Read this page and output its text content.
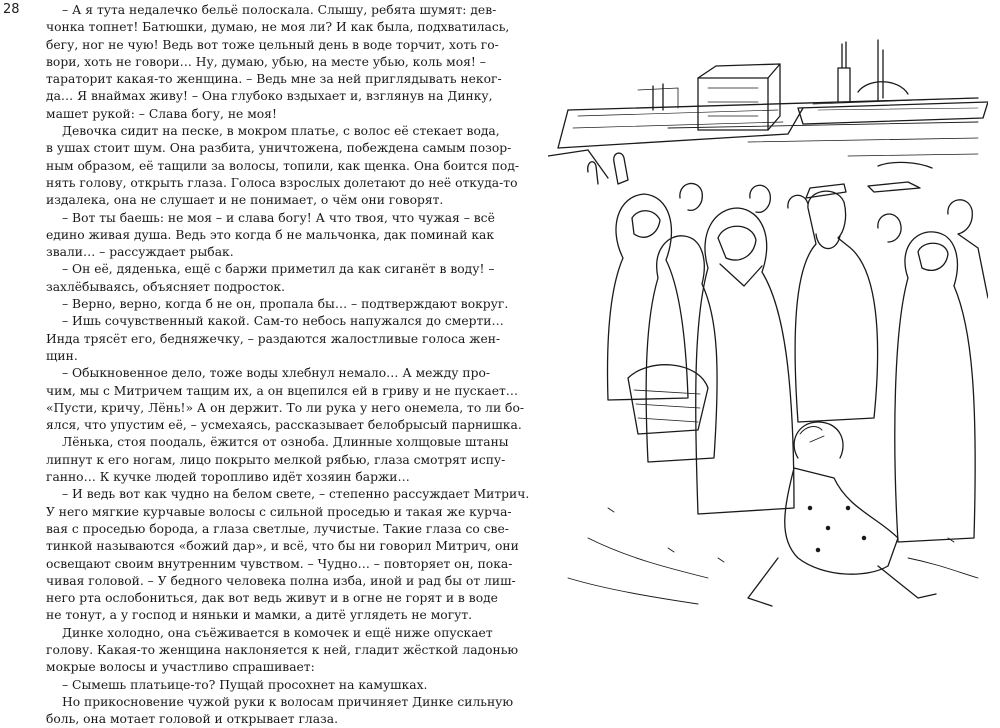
28	– А я тута недалечко бельё полоскала. Слышу, ребята шумят: дев-
чонка топнет! Батюшки, думаю, не моя ли? И как была, подхватилась,
бегу, ног не чую! Ведь вот тоже цельный день в воде торчит, хоть го-
вори, хоть не говори… Ну, думаю, убью, на месте убью, коль моя! –
тараторит какая-то женщина. – Ведь мне за ней приглядывать неког-
да… Я внаймах живу! – Она глубоко вздыхает и, взглянув на Динку,
машет рукой: – Слава богу, не моя!
Девочка сидит на песке, в мокром платье, с волос её стекает вода,
в ушах стоит шум. Она разбита, уничтожена, побеждена самым позор-
ным образом, её тащили за волосы, топили, как щенка. Она боится под-
нять голову, открыть глаза. Голоса взрослых долетают до неё откуда-то
издалека, она не слушает и не понимает, о чём они говорят.
– Вот ты баешь: не моя – и слава богу! А что твоя, что чужая – всё
едино живая душа. Ведь это когда б не мальчонка, дак поминай как
звали… – рассуждает рыбак.
– Он её, дяденька, ещё с баржи приметил да как сиганёт в воду! –
захлёбываясь, объясняет подросток.
– Верно, верно, когда б не он, пропала бы… – подтверждают вокруг.
– Ишь сочувственный какой. Сам-то небось напужался до смерти…
Инда трясёт его, бедняжечку, – раздаются жалостливые голоса жен-
щин.
– Обыкновенное дело, тоже воды хлебнул немало… А между про-
чим, мы с Митричем тащим их, а он вцепился ей в гриву и не пускает…
«Пусти, кричу, Лёнь!» А он держит. То ли рука у него онемела, то ли бо-
ялся, что упустим её, – усмехаясь, рассказывает белобрысый парнишка.
Лёнька, стоя поодаль, ёжится от озноба. Длинные холщовые штаны
липнут к его ногам, лицо покрыто мелкой рябью, глаза смотрят испу-
ганно… К кучке людей торопливо идёт хозяин баржи…
– И ведь вот как чудно на белом свете, – степенно рассуждает Митрич.
У него мягкие курчавые волосы с сильной проседью и такая же курча-
вая с проседью борода, а глаза светлые, лучистые. Такие глаза со све-
тинкой называются «божий дар», и всё, что бы ни говорил Митрич, они
освещают своим внутренним чувством. – Чудно… – повторяет он, пока-
чивая головой. – У бедного человека полна изба, иной и рад бы от лиш-
него рта ослобониться, дак вот ведь живут и в огне не горят и в воде
не тонут, а у господ и няньки и мамки, а дитё углядеть не могут.
Динке холодно, она съёживается в комочек и ещё ниже опускает
голову. Какая-то женщина наклоняется к ней, гладит жёсткой ладонью
мокрые волосы и участливо спрашивает:
– Сымешь платьице-то? Пущай просохнет на камушках.
Но прикосновение чужой руки к волосам причиняет Динке сильную
боль, она мотает головой и открывает глаза.
